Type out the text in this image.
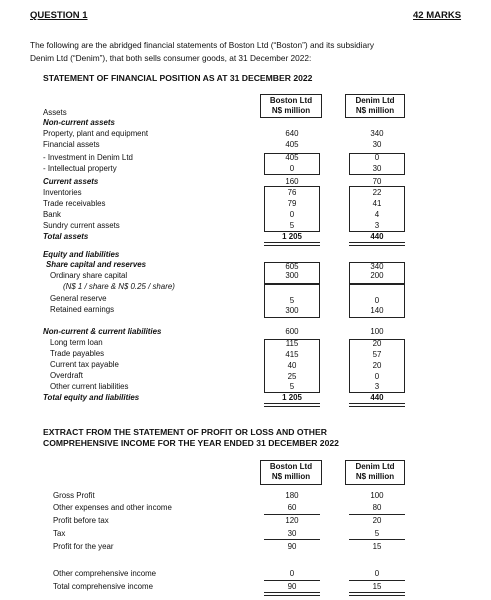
QUESTION 1	42 MARKS
The following are the abridged financial statements of Boston Ltd (“Boston”) and its subsidiary
Denim Ltd (“Denim”), that both sells consumer goods, at 31 December 2022:
STATEMENT OF FINANCIAL POSITION AS AT 31 DECEMBER 2022
Boston Ltd
N$ million
Denim Ltd
N$ million
Assets
Non-current assets
Property, plant and equipment	640	340
Financial assets	405	30
- Investment in Denim Ltd	405	0
- Intellectual property	0	30
Current assets	160	70
Inventories	76	22
Trade receivables	79	41
Bank	0	4
Sundry current assets	5	3
Total assets	1 205	440
Equity and liabilities
Share capital and reserves	605	340
Ordinary share capital	300	200
(N$ 1 / share & N$ 0.25 / share)
General reserve	5	0
Retained earnings	300	140
Non-current & current liabilities	600	100
Long term loan	115	20
Trade payables	415	57
Current tax payable	40	20
Overdraft	25	0
Other current liabilities	5	3
Total equity and liabilities	1 205	440
EXTRACT FROM THE STATEMENT OF PROFIT OR LOSS AND OTHER
COMPREHENSIVE INCOME FOR THE YEAR ENDED 31 DECEMBER 2022
Boston Ltd
N$ million
Denim Ltd
N$ million
Gross Profit	180	100
Other expenses and other income	60	80
Profit before tax	120	20
Tax	30	5
Profit for the year	90	15
Other comprehensive income	0	0
Total comprehensive income	90	15
